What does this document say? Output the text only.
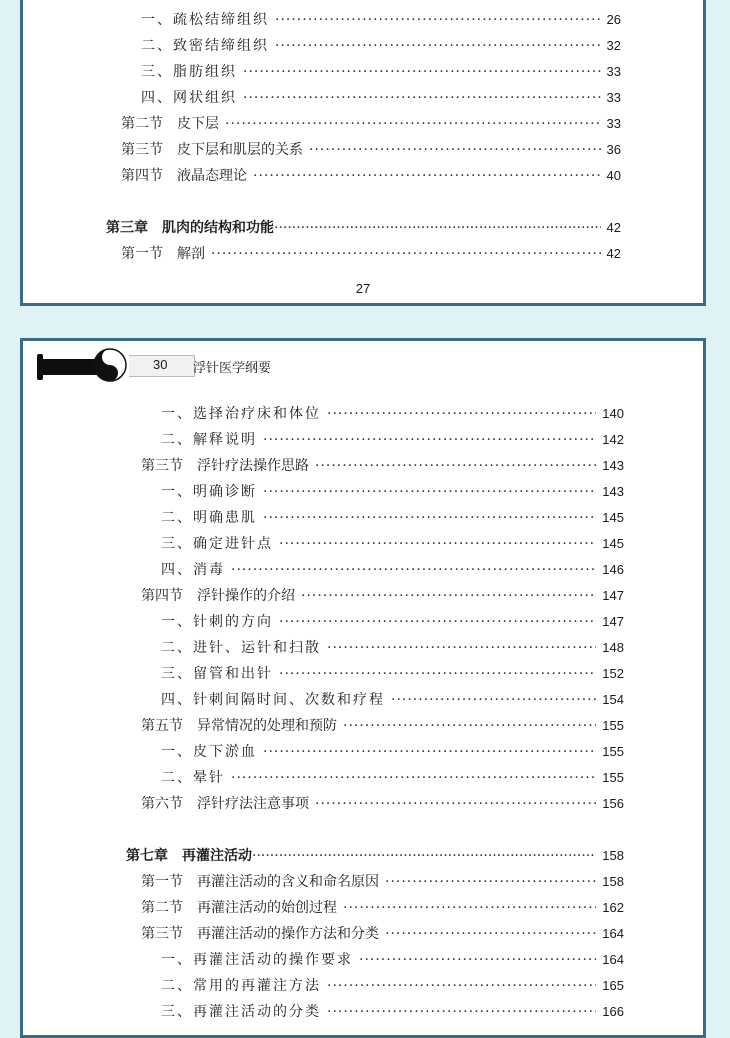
一、疏松结缔组织 ·····	26
二、致密结缔组织 ·····	32
三、脂肪组织 ·····	33
四、网状组织 ·····	33
第二节　皮下层 ·····	33
第三节　皮下层和肌层的关系 ·····	36
第四节　液晶态理论 ·····	40
第三章　肌肉的结构和功能 ·····	42
第一节　解剖 ·····	42
27
30 浮针医学纲要
一、选择治疗床和体位 ·····	140
二、解释说明 ·····	142
第三节　浮针疗法操作思路 ·····	143
一、明确诊断 ·····	143
二、明确患肌 ·····	145
三、确定进针点 ·····	145
四、消毒 ·····	146
第四节　浮针操作的介绍 ·····	147
一、针刺的方向 ·····	147
二、进针、运针和扫散 ·····	148
三、留管和出针 ·····	152
四、针刺间隔时间、次数和疗程 ·····	154
第五节　异常情况的处理和预防 ·····	155
一、皮下淤血 ·····	155
二、晕针 ·····	155
第六节　浮针疗法注意事项 ·····	156
第七章　再灌注活动 ·····	158
第一节　再灌注活动的含义和命名原因 ·····	158
第二节　再灌注活动的始创过程 ·····	162
第三节　再灌注活动的操作方法和分类 ·····	164
一、再灌注活动的操作要求 ·····	164
二、常用的再灌注方法 ·····	165
三、再灌注活动的分类 ·····	166
